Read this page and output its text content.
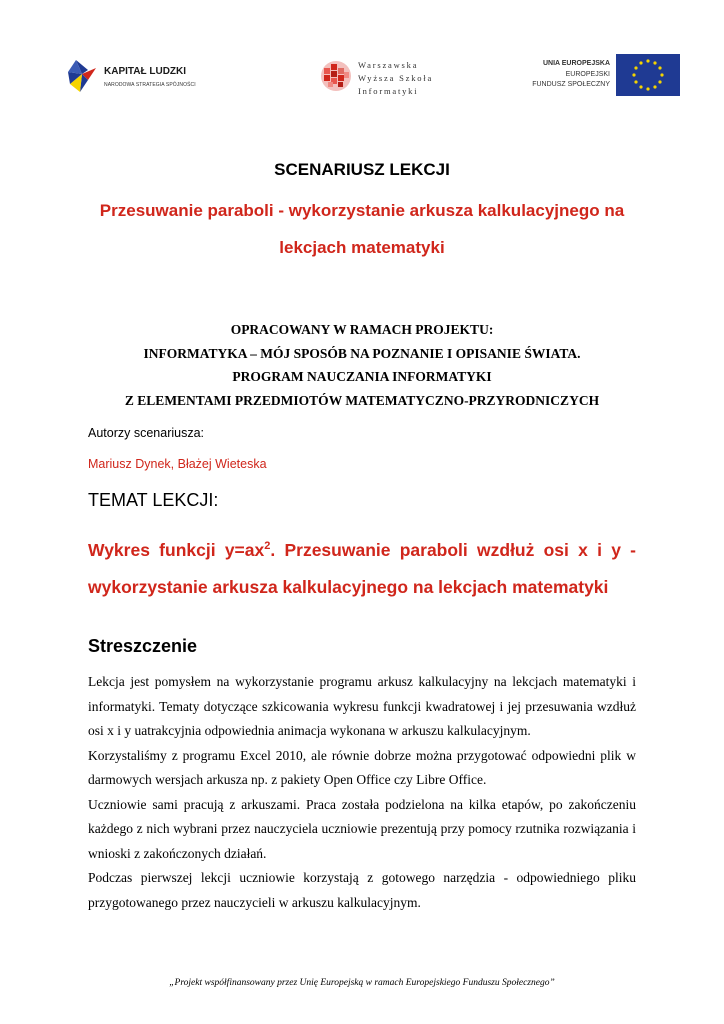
KAPITAŁ LUDZKI
NARODOWA STRATEGIA SPÓJNOŚCI
Warszawska
Wyższa Szkoła
Informatyki
UNIA EUROPEJSKA
EUROPEJSKI
FUNDUSZ SPOŁECZNY
SCENARIUSZ LEKCJI
Przesuwanie paraboli - wykorzystanie arkusza kalkulacyjnego na lekcjach matematyki
OPRACOWANY W RAMACH PROJEKTU:
INFORMATYKA – MÓJ SPOSÓB NA POZNANIE I OPISANIE ŚWIATA.
PROGRAM NAUCZANIA INFORMATYKI
Z ELEMENTAMI PRZEDMIOTÓW MATEMATYCZNO-PRZYRODNICZYCH
Autorzy scenariusza:
Mariusz Dynek, Błażej Wieteska
TEMAT LEKCJI:
Wykres funkcji $y=ax^2$. Przesuwanie paraboli wzdłuż osi x i y -
wykorzystanie arkusza kalkulacyjnego na lekcjach matematyki
Streszczenie

Lekcja jest pomysłem na wykorzystanie programu arkusz kalkulacyjny na lekcjach matematyki i informatyki. Tematy dotyczące szkicowania wykresu funkcji kwadratowej i jej przesuwania wzdłuż osi x i y uatrakcyjnia odpowiednia animacja wykonana w arkuszu kalkulacyjnym.

Korzystaliśmy z programu Excel 2010, ale równie dobrze można przygotować odpowiedni plik w darmowych wersjach arkusza np. z pakiety Open Office czy Libre Office.

Uczniowie sami pracują z arkuszami. Praca została podzielona na kilka etapów, po zakończeniu każdego z nich wybrani przez nauczyciela uczniowie prezentują przy pomocy rzutnika rozwiązania i wnioski z zakończonych działań.

Podczas pierwszej lekcji uczniowie korzystają z gotowego narzędzia - odpowiedniego pliku przygotowanego przez nauczycieli w arkuszu kalkulacyjnym.

„Projekt współfinansowany przez Unię Europejską w ramach Europejskiego Funduszu Społecznego”
